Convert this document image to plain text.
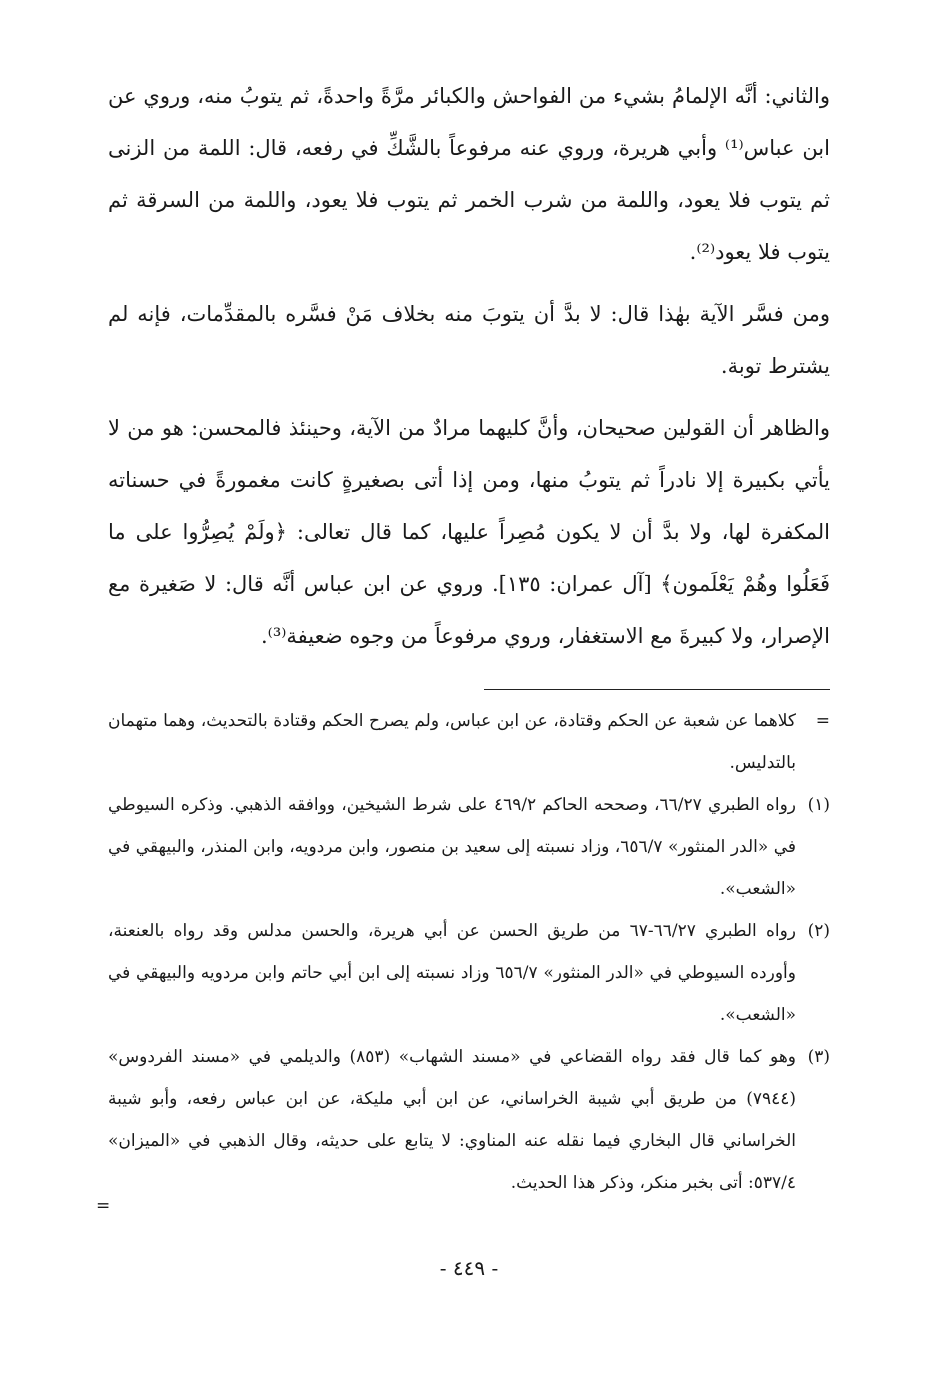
والثاني: أنَّه الإلمامُ بشيء من الفواحش والكبائر مرَّةً واحدةً، ثم يتوبُ منه، وروي عن ابن عباس⁽¹⁾ وأبي هريرة، وروي عنه مرفوعاً بالشَّكِّ في رفعه، قال: اللمة من الزنى ثم يتوب فلا يعود، واللمة من شرب الخمر ثم يتوب فلا يعود، واللمة من السرقة ثم يتوب فلا يعود⁽²⁾.

ومن فسَّر الآية بهٰذا قال: لا بدَّ أن يتوبَ منه بخلاف مَنْ فسَّره بالمقدِّمات، فإنه لم يشترط توبة.

والظاهر أن القولين صحيحان، وأنَّ كليهما مرادٌ من الآية، وحينئذ فالمحسن: هو من لا يأتي بكبيرة إلا نادراً ثم يتوبُ منها، ومن إذا أتى بصغيرةٍ كانت مغمورةً في حسناته المكفرة لها، ولا بدَّ أن لا يكون مُصِراً عليها، كما قال تعالى: ﴿ولَمْ يُصِرُّوا على ما فَعَلُوا وهُمْ يَعْلَمون﴾ [آل عمران: ١٣٥]. وروي عن ابن عباس أنَّه قال: لا صَغيرة مع الإصرار، ولا كبيرةَ مع الاستغفار، وروي مرفوعاً من وجوه ضعيفة⁽³⁾.

=كلاهما عن شعبة عن الحكم وقتادة، عن ابن عباس، ولم يصرح الحكم وقتادة بالتحديث، وهما متهمان بالتدليس.

(١)رواه الطبري ٦٦/٢٧، وصححه الحاكم ٤٦٩/٢ على شرط الشيخين، ووافقه الذهبي. وذكره السيوطي في «الدر المنثور» ٦٥٦/٧، وزاد نسبته إلى سعيد بن منصور، وابن مردويه، وابن المنذر، والبيهقي في «الشعب».

(٢)رواه الطبري ٦٦/٢٧-٦٧ من طريق الحسن عن أبي هريرة، والحسن مدلس وقد رواه بالعنعنة، وأورده السيوطي في «الدر المنثور» ٦٥٦/٧ وزاد نسبته إلى ابن أبي حاتم وابن مردويه والبيهقي في «الشعب».

(٣)وهو كما قال فقد رواه القضاعي في «مسند الشهاب» (٨٥٣) والديلمي في «مسند الفردوس» (٧٩٤٤) من طريق أبي شيبة الخراساني، عن ابن أبي مليكة، عن ابن عباس رفعه، وأبو شيبة الخراساني قال البخاري فيما نقله عنه المناوي: لا يتابع على حديثه، وقال الذهبي في «الميزان» ٥٣٧/٤: أتى بخبر منكر، وذكر هذا الحديث.

=
- ٤٤٩ -
